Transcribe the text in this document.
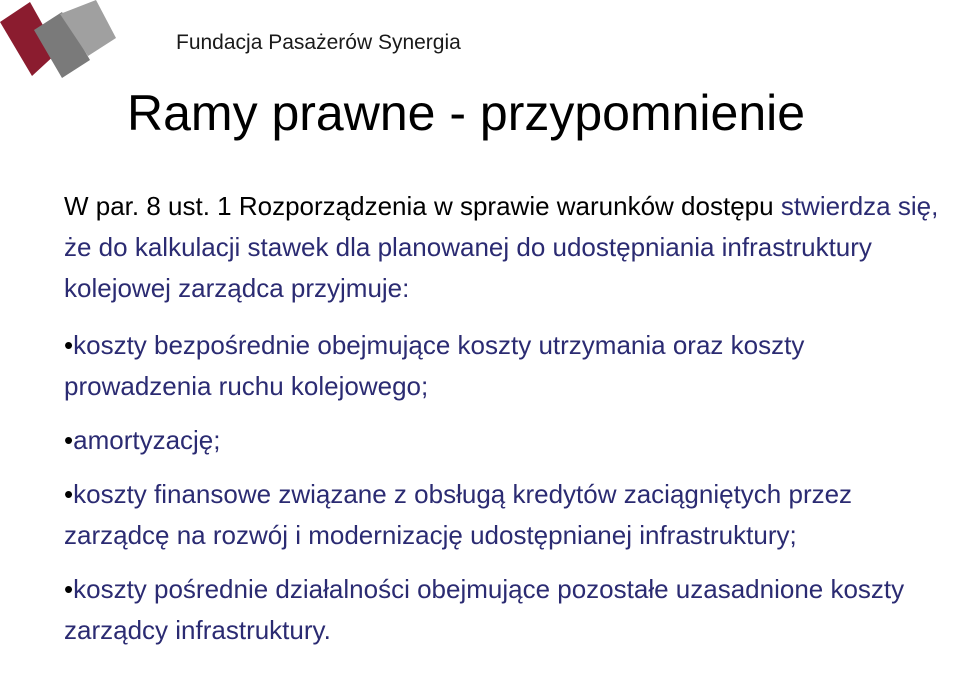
Fundacja Pasażerów Synergia
Ramy prawne - przypomnienie
W par. 8 ust. 1 Rozporządzenia w sprawie warunków dostępu stwierdza się, że do kalkulacji stawek dla planowanej do udostępniania infrastruktury kolejowej zarządca przyjmuje:
•koszty bezpośrednie obejmujące koszty utrzymania oraz koszty prowadzenia ruchu kolejowego;
•amortyzację;
•koszty finansowe związane z obsługą kredytów zaciągniętych przez zarządcę na rozwój i modernizację udostępnianej infrastruktury;
•koszty pośrednie działalności obejmujące pozostałe uzasadnione koszty zarządcy infrastruktury.
